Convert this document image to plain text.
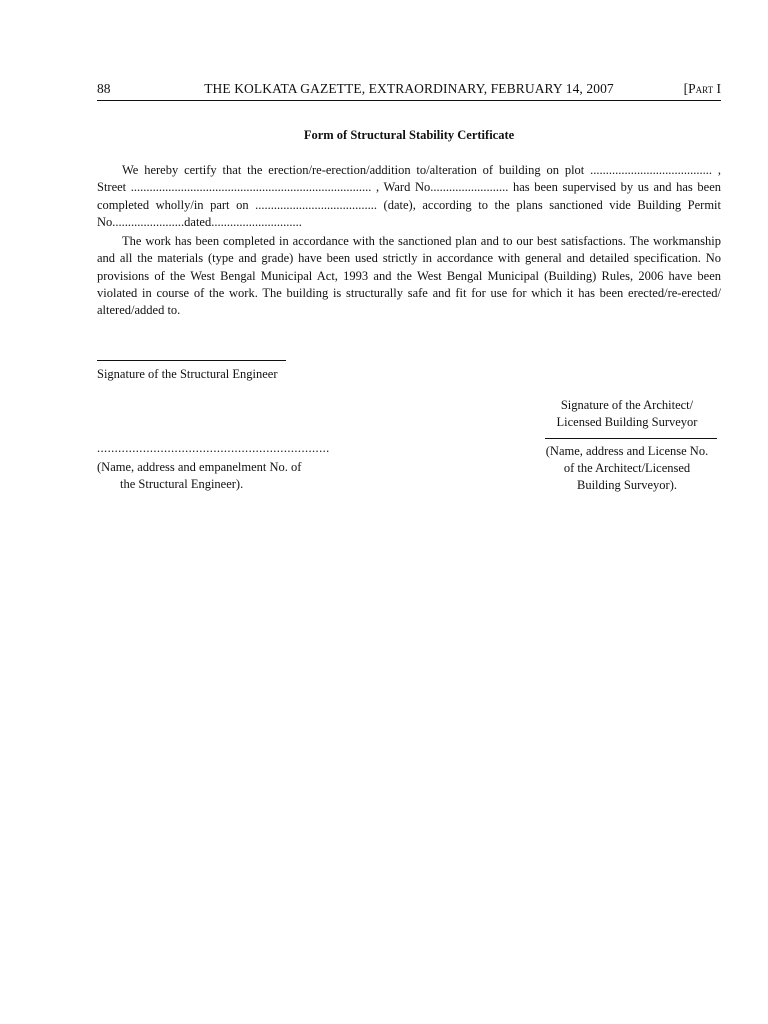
88	THE KOLKATA GAZETTE, EXTRAORDINARY, FEBRUARY 14, 2007	[Part I
Form of Structural Stability Certificate
We hereby certify that the erection/re-erection/addition to/alteration of building on plot ....................................... ,
Street ............................................................................. , Ward No......................... has been supervised by us and has been
completed wholly/in part on ....................................... (date), according to the plans sanctioned vide Building Permit
No.......................dated.............................

The work has been completed in accordance with the sanctioned plan and to our best satisfactions. The workmanship and all the materials (type and grade) have been used strictly in accordance with general and detailed specification. No provisions of the West Bengal Municipal Act, 1993 and the West Bengal Municipal (Building) Rules, 2006 have been violated in course of the work. The building is structurally safe and fit for use for which it has been erected/re-erected/ altered/added to.

Signature of the Structural Engineer
Signature of the Architect/
Licensed Building Surveyor
..................................................................
(Name, address and empanelment No. of
the Structural Engineer).
(Name, address and License No.
of the Architect/Licensed
Building Surveyor).
